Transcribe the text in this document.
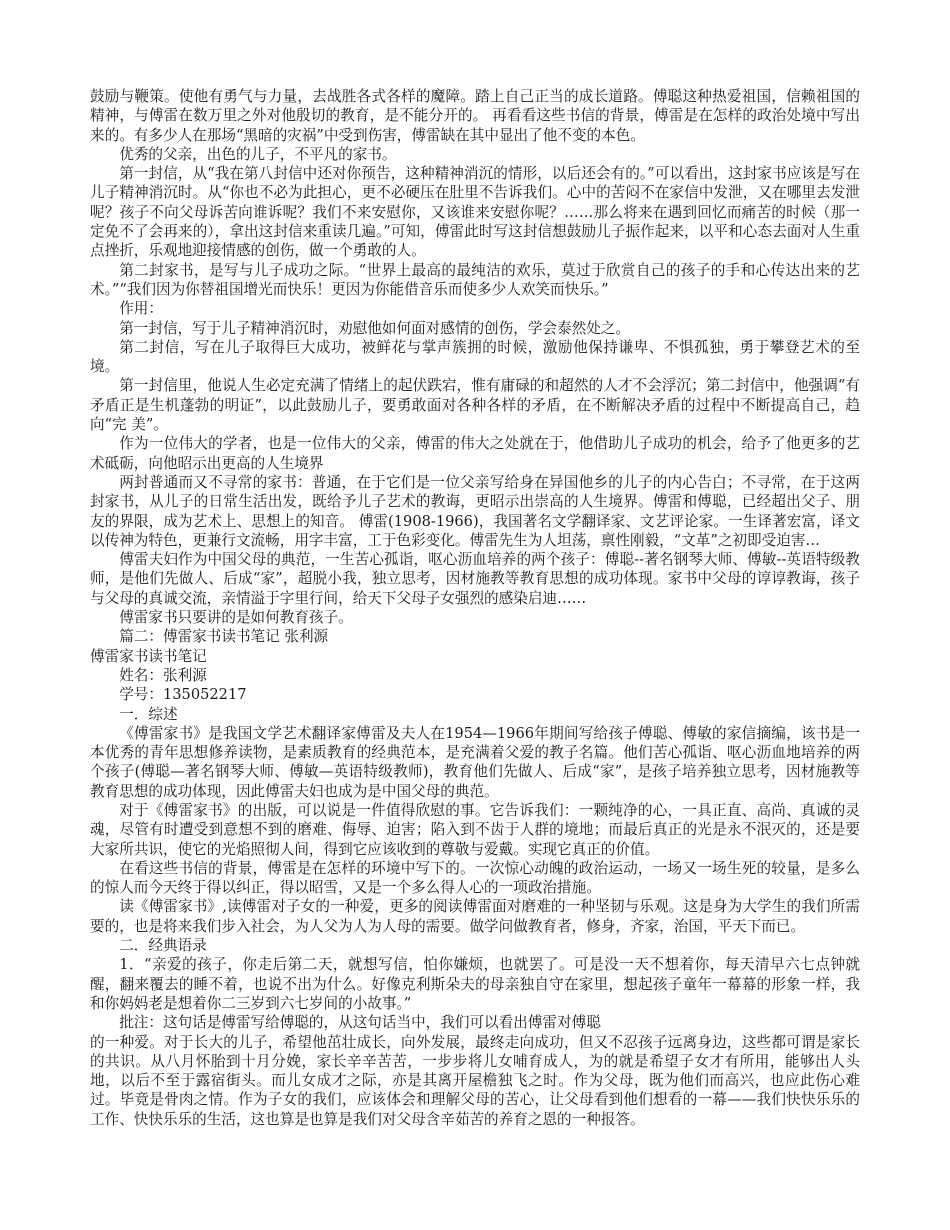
鼓励与鞭策。使他有勇气与力量，去战胜各式各样的魔障。踏上自己正当的成长道路。傅聪这种热爱祖国，信赖祖国的精神，与傅雷在数万里之外对他殷切的教育，是不能分开的。 再看看这些书信的背景，傅雷是在怎样的政治处境中写出来的。有多少人在那场“黑暗的灾祸”中受到伤害，傅雷缺在其中显出了他不变的本色。

优秀的父亲，出色的儿子，不平凡的家书。

第一封信，从“我在第八封信中还对你预告，这种精神消沉的情形，以后还会有的。”可以看出，这封家书应该是写在儿子精神消沉时。从“你也不必为此担心，更不必硬压在肚里不告诉我们。心中的苦闷不在家信中发泄，又在哪里去发泄呢？孩子不向父母诉苦向谁诉呢？我们不来安慰你，又该谁来安慰你呢？……那么将来在遇到回忆而痛苦的时候（那一定免不了会再来的），拿出这封信来重读几遍。”可知，傅雷此时写这封信想鼓励儿子振作起来，以平和心态去面对人生重点挫折，乐观地迎接情感的创伤，做一个勇敢的人。

第二封家书，是写与儿子成功之际。“世界上最高的最纯洁的欢乐，莫过于欣赏自己的孩子的手和心传达出来的艺术。”“我们因为你替祖国增光而快乐！更因为你能借音乐而使多少人欢笑而快乐。”

作用：

第一封信，写于儿子精神消沉时，劝慰他如何面对感情的创伤，学会泰然处之。

第二封信，写在儿子取得巨大成功，被鲜花与掌声簇拥的时候，激励他保持谦卑、不惧孤独，勇于攀登艺术的至境。

第一封信里，他说人生必定充满了情绪上的起伏跌宕，惟有庸碌的和超然的人才不会浮沉；第二封信中，他强调“有矛盾正是生机蓬勃的明证”，以此鼓励儿子，要勇敢面对各种各样的矛盾，在不断解决矛盾的过程中不断提高自己，趋向“完 美”。

作为一位伟大的学者，也是一位伟大的父亲，傅雷的伟大之处就在于，他借助儿子成功的机会，给予了他更多的艺术砥砺，向他昭示出更高的人生境界

两封普通而又不寻常的家书：普通，在于它们是一位父亲写给身在异国他乡的儿子的内心告白；不寻常，在于这两封家书，从儿子的日常生活出发，既给予儿子艺术的教诲，更昭示出崇高的人生境界。傅雷和傅聪，已经超出父子、朋友的界限，成为艺术上、思想上的知音。 傅雷(1908-1966)，我国著名文学翻译家、文艺评论家。一生译著宏富，译文以传神为特色，更兼行文流畅，用字丰富，工于色彩变化。傅雷先生为人坦荡，禀性刚毅，“文革”之初即受迫害…

傅雷夫妇作为中国父母的典范，一生苦心孤诣，呕心沥血培养的两个孩子：傅聪--著名钢琴大师、傅敏--英语特级教师，是他们先做人、后成“家”，超脱小我，独立思考，因材施教等教育思想的成功体现。家书中父母的谆谆教诲，孩子与父母的真诚交流，亲情溢于字里行间，给天下父母子女强烈的感染启迪……

傅雷家书只要讲的是如何教育孩子。

篇二：傅雷家书读书笔记 张利源

傅雷家书读书笔记

姓名：张利源

学号：135052217

一．综述

《傅雷家书》是我国文学艺术翻译家傅雷及夫人在1954—1966年期间写给孩子傅聪、傅敏的家信摘编，该书是一本优秀的青年思想修养读物，是素质教育的经典范本，是充满着父爱的教子名篇。他们苦心孤诣、呕心沥血地培养的两个孩子(傅聪—著名钢琴大师、傅敏—英语特级教师)，教育他们先做人、后成“家”，是孩子培养独立思考，因材施教等教育思想的成功体现，因此傅雷夫妇也成为是中国父母的典范。

对于《傅雷家书》的出版，可以说是一件值得欣慰的事。它告诉我们：一颗纯净的心，一具正直、高尚、真诚的灵魂，尽管有时遭受到意想不到的磨难、侮辱、迫害；陷入到不齿于人群的境地；而最后真正的光是永不泯灭的，还是要大家所共识，使它的光焰照彻人间，得到它应该收到的尊敬与爱戴。实现它真正的价值。

在看这些书信的背景，傅雷是在怎样的环境中写下的。一次惊心动魄的政治运动，一场又一场生死的较量，是多么的惊人而今天终于得以纠正，得以昭雪，又是一个多么得人心的一项政治措施。

读《傅雷家书》,读傅雷对子女的一种爱，更多的阅读傅雷面对磨难的一种坚韧与乐观。这是身为大学生的我们所需要的，也是将来我们步入社会，为人父为人为人母的需要。做学问做教育者，修身，齐家，治国，平天下而已。

二．经典语录

1．“亲爱的孩子，你走后第二天，就想写信，怕你嫌烦，也就罢了。可是没一天不想着你，每天清早六七点钟就醒，翻来覆去的睡不着，也说不出为什么。好像克利斯朵夫的母亲独自守在家里，想起孩子童年一幕幕的形象一样，我和你妈妈老是想着你二三岁到六七岁间的小故事。”

批注：这句话是傅雷写给傅聪的，从这句话当中，我们可以看出傅雷对傅聪

的一种爱。对于长大的儿子，希望他茁壮成长，向外发展，最终走向成功，但又不忍孩子远离身边，这些都可谓是家长的共识。从八月怀胎到十月分娩，家长辛辛苦苦，一步步将儿女哺育成人，为的就是希望子女才有所用，能够出人头地，以后不至于露宿街头。而儿女成才之际，亦是其离开屋檐独飞之时。作为父母，既为他们而高兴，也应此伤心难过。毕竟是骨肉之情。作为子女的我们，应该体会和理解父母的苦心，让父母看到他们想看的一幕——我们快快乐乐的工作、快快乐乐的生活，这也算是也算是我们对父母含辛茹苦的养育之恩的一种报答。
